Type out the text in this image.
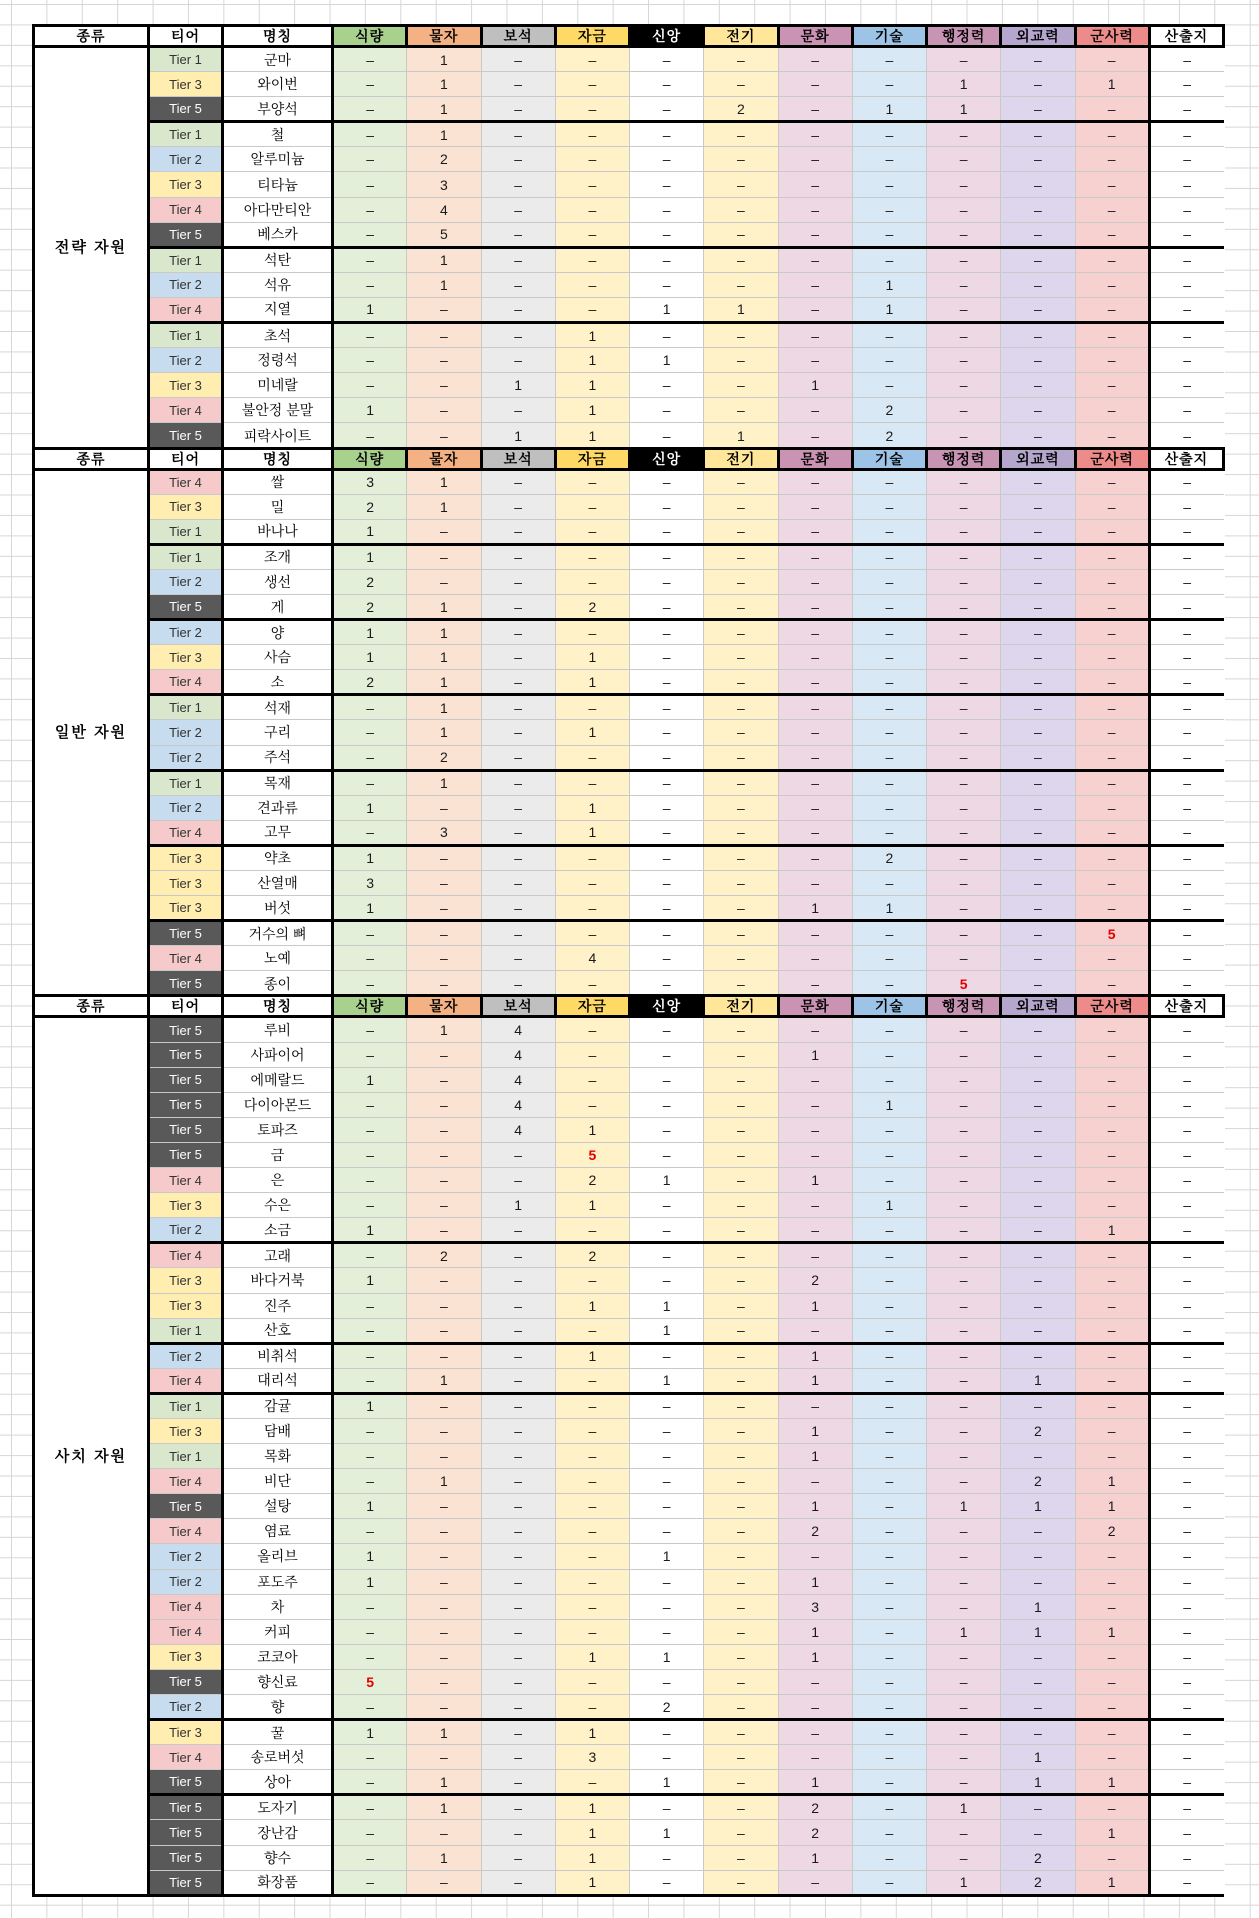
종류	티어	명칭	식량	물자	보석	자금	신앙	전기	문화	기술	행정력	외교력	군사력	산출지
전략 자원	Tier 1	군마	–	1	–	–	–	–	–	–	–	–	–	–
	Tier 3	와이번	–	1	–	–	–	–	–	–	1	–	1	–
	Tier 5	부양석	–	1	–	–	–	2	–	1	1	–	–	–
	Tier 1	철	–	1	–	–	–	–	–	–	–	–	–	–
	Tier 2	알루미늄	–	2	–	–	–	–	–	–	–	–	–	–
	Tier 3	티타늄	–	3	–	–	–	–	–	–	–	–	–	–
	Tier 4	아다만티안	–	4	–	–	–	–	–	–	–	–	–	–
	Tier 5	베스카	–	5	–	–	–	–	–	–	–	–	–	–
	Tier 1	석탄	–	1	–	–	–	–	–	–	–	–	–	–
	Tier 2	석유	–	1	–	–	–	–	–	1	–	–	–	–
	Tier 4	지열	1	–	–	–	1	1	–	1	–	–	–	–
	Tier 1	초석	–	–	–	1	–	–	–	–	–	–	–	–
	Tier 2	정령석	–	–	–	1	1	–	–	–	–	–	–	–
	Tier 3	미네랄	–	–	1	1	–	–	1	–	–	–	–	–
	Tier 4	불안정 분말	1	–	–	1	–	–	–	2	–	–	–	–
	Tier 5	피락사이트	–	–	1	1	–	1	–	2	–	–	–	–
종류	티어	명칭	식량	물자	보석	자금	신앙	전기	문화	기술	행정력	외교력	군사력	산출지
일반 자원	Tier 4	쌀	3	1	–	–	–	–	–	–	–	–	–	–
	Tier 3	밀	2	1	–	–	–	–	–	–	–	–	–	–
	Tier 1	바나나	1	–	–	–	–	–	–	–	–	–	–	–
	Tier 1	조개	1	–	–	–	–	–	–	–	–	–	–	–
	Tier 2	생선	2	–	–	–	–	–	–	–	–	–	–	–
	Tier 5	게	2	1	–	2	–	–	–	–	–	–	–	–
	Tier 2	양	1	1	–	–	–	–	–	–	–	–	–	–
	Tier 3	사슴	1	1	–	1	–	–	–	–	–	–	–	–
	Tier 4	소	2	1	–	1	–	–	–	–	–	–	–	–
	Tier 1	석재	–	1	–	–	–	–	–	–	–	–	–	–
	Tier 2	구리	–	1	–	1	–	–	–	–	–	–	–	–
	Tier 2	주석	–	2	–	–	–	–	–	–	–	–	–	–
	Tier 1	목재	–	1	–	–	–	–	–	–	–	–	–	–
	Tier 2	견과류	1	–	–	1	–	–	–	–	–	–	–	–
	Tier 4	고무	–	3	–	1	–	–	–	–	–	–	–	–
	Tier 3	약초	1	–	–	–	–	–	–	2	–	–	–	–
	Tier 3	산열매	3	–	–	–	–	–	–	–	–	–	–	–
	Tier 3	버섯	1	–	–	–	–	–	1	1	–	–	–	–
	Tier 5	거수의 뼈	–	–	–	–	–	–	–	–	–	–	5	–
	Tier 4	노예	–	–	–	4	–	–	–	–	–	–	–	–
	Tier 5	종이	–	–	–	–	–	–	–	–	5	–	–	–
종류	티어	명칭	식량	물자	보석	자금	신앙	전기	문화	기술	행정력	외교력	군사력	산출지
사치 자원	Tier 5	루비	–	1	4	–	–	–	–	–	–	–	–	–
	Tier 5	사파이어	–	–	4	–	–	–	1	–	–	–	–	–
	Tier 5	에메랄드	1	–	4	–	–	–	–	–	–	–	–	–
	Tier 5	다이아몬드	–	–	4	–	–	–	–	1	–	–	–	–
	Tier 5	토파즈	–	–	4	1	–	–	–	–	–	–	–	–
	Tier 5	금	–	–	–	5	–	–	–	–	–	–	–	–
	Tier 4	은	–	–	–	2	1	–	1	–	–	–	–	–
	Tier 3	수은	–	–	1	1	–	–	–	1	–	–	–	–
	Tier 2	소금	1	–	–	–	–	–	–	–	–	–	1	–
	Tier 4	고래	–	2	–	2	–	–	–	–	–	–	–	–
	Tier 3	바다거북	1	–	–	–	–	–	2	–	–	–	–	–
	Tier 3	진주	–	–	–	1	1	–	1	–	–	–	–	–
	Tier 1	산호	–	–	–	–	1	–	–	–	–	–	–	–
	Tier 2	비취석	–	–	–	1	–	–	1	–	–	–	–	–
	Tier 4	대리석	–	1	–	–	1	–	1	–	–	1	–	–
	Tier 1	감귤	1	–	–	–	–	–	–	–	–	–	–	–
	Tier 3	담배	–	–	–	–	–	–	1	–	–	2	–	–
	Tier 1	목화	–	–	–	–	–	–	1	–	–	–	–	–
	Tier 4	비단	–	1	–	–	–	–	–	–	–	2	1	–
	Tier 5	설탕	1	–	–	–	–	–	1	–	1	1	1	–
	Tier 4	염료	–	–	–	–	–	–	2	–	–	–	2	–
	Tier 2	올리브	1	–	–	–	1	–	–	–	–	–	–	–
	Tier 2	포도주	1	–	–	–	–	–	1	–	–	–	–	–
	Tier 4	차	–	–	–	–	–	–	3	–	–	1	–	–
	Tier 4	커피	–	–	–	–	–	–	1	–	1	1	1	–
	Tier 3	코코아	–	–	–	1	1	–	1	–	–	–	–	–
	Tier 5	향신료	5	–	–	–	–	–	–	–	–	–	–	–
	Tier 2	향	–	–	–	–	2	–	–	–	–	–	–	–
	Tier 3	꿀	1	1	–	1	–	–	–	–	–	–	–	–
	Tier 4	송로버섯	–	–	–	3	–	–	–	–	–	1	–	–
	Tier 5	상아	–	1	–	–	1	–	1	–	–	1	1	–
	Tier 5	도자기	–	1	–	1	–	–	2	–	1	–	–	–
	Tier 5	장난감	–	–	–	1	1	–	2	–	–	–	1	–
	Tier 5	향수	–	1	–	1	–	–	1	–	–	2	–	–
	Tier 5	화장품	–	–	–	1	–	–	–	–	1	2	1	–
